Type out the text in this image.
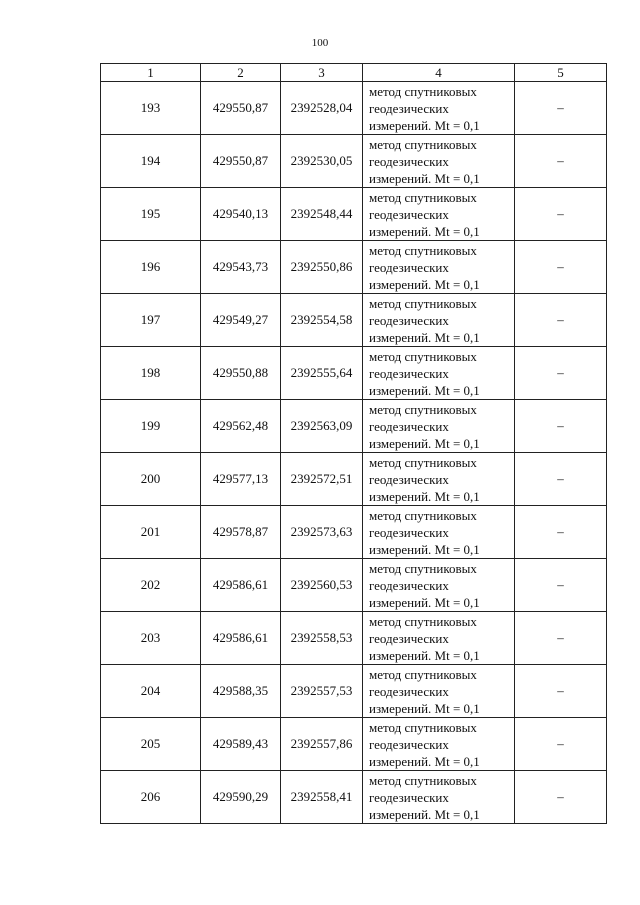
100
1	2	3	4	5
193	429550,87	2392528,04	метод спутниковых
геодезических
измерений. Mt = 0,1	–
194	429550,87	2392530,05	метод спутниковых
геодезических
измерений. Mt = 0,1	–
195	429540,13	2392548,44	метод спутниковых
геодезических
измерений. Mt = 0,1	–
196	429543,73	2392550,86	метод спутниковых
геодезических
измерений. Mt = 0,1	–
197	429549,27	2392554,58	метод спутниковых
геодезических
измерений. Mt = 0,1	–
198	429550,88	2392555,64	метод спутниковых
геодезических
измерений. Mt = 0,1	–
199	429562,48	2392563,09	метод спутниковых
геодезических
измерений. Mt = 0,1	–
200	429577,13	2392572,51	метод спутниковых
геодезических
измерений. Mt = 0,1	–
201	429578,87	2392573,63	метод спутниковых
геодезических
измерений. Mt = 0,1	–
202	429586,61	2392560,53	метод спутниковых
геодезических
измерений. Mt = 0,1	–
203	429586,61	2392558,53	метод спутниковых
геодезических
измерений. Mt = 0,1	–
204	429588,35	2392557,53	метод спутниковых
геодезических
измерений. Mt = 0,1	–
205	429589,43	2392557,86	метод спутниковых
геодезических
измерений. Mt = 0,1	–
206	429590,29	2392558,41	метод спутниковых
геодезических
измерений. Mt = 0,1	–
